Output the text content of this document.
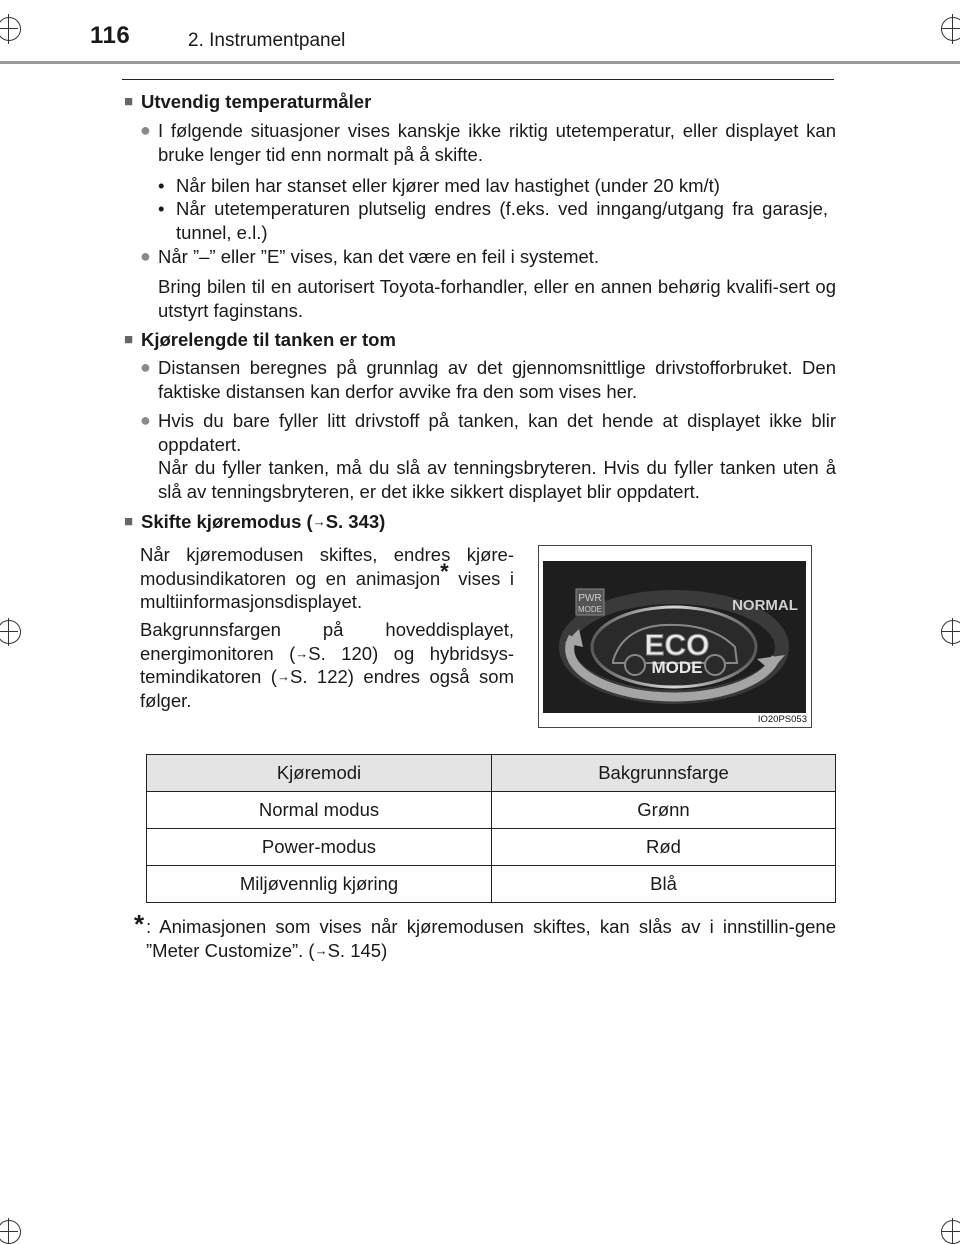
116	2. Instrumentpanel
■ Utvendig temperaturmåler
● I følgende situasjoner vises kanskje ikke riktig utetemperatur, eller displayet kan bruke lenger tid enn normalt på å skifte.
• Når bilen har stanset eller kjører med lav hastighet (under 20 km/t)
• Når utetemperaturen plutselig endres (f.eks. ved inngang/utgang fra garasje, tunnel, e.l.)
● Når ”–” eller ”E” vises, kan det være en feil i systemet.
Bring bilen til en autorisert Toyota-forhandler, eller en annen behørig kvalifi-sert og utstyrt faginstans.
■ Kjørelengde til tanken er tom
● Distansen beregnes på grunnlag av det gjennomsnittlige drivstofforbruket. Den faktiske distansen kan derfor avvike fra den som vises her.
● Hvis du bare fyller litt drivstoff på tanken, kan det hende at displayet ikke blir oppdatert.
Når du fyller tanken, må du slå av tenningsbryteren. Hvis du fyller tanken uten å slå av tenningsbryteren, er det ikke sikkert displayet blir oppdatert.
■ Skifte kjøremodus (→S. 343)
Når kjøremodusen skiftes, endres kjøre-modusindikatoren og en animasjon* vises i multiinformasjonsdisplayet.
Bakgrunnsfargen på hoveddisplayet, energimonitoren (→S. 120) og hybridsys-temindikatoren (→S. 122) endres også som følger.
PWR
MODE	NORMAL
ECO
MODE
IO20PS053
Kjøremodi	Bakgrunnsfarge
Normal modus	Grønn
Power-modus	Rød
Miljøvennlig kjøring	Blå
* : Animasjonen som vises når kjøremodusen skiftes, kan slås av i innstillin-gene ”Meter Customize”. (→S. 145)
